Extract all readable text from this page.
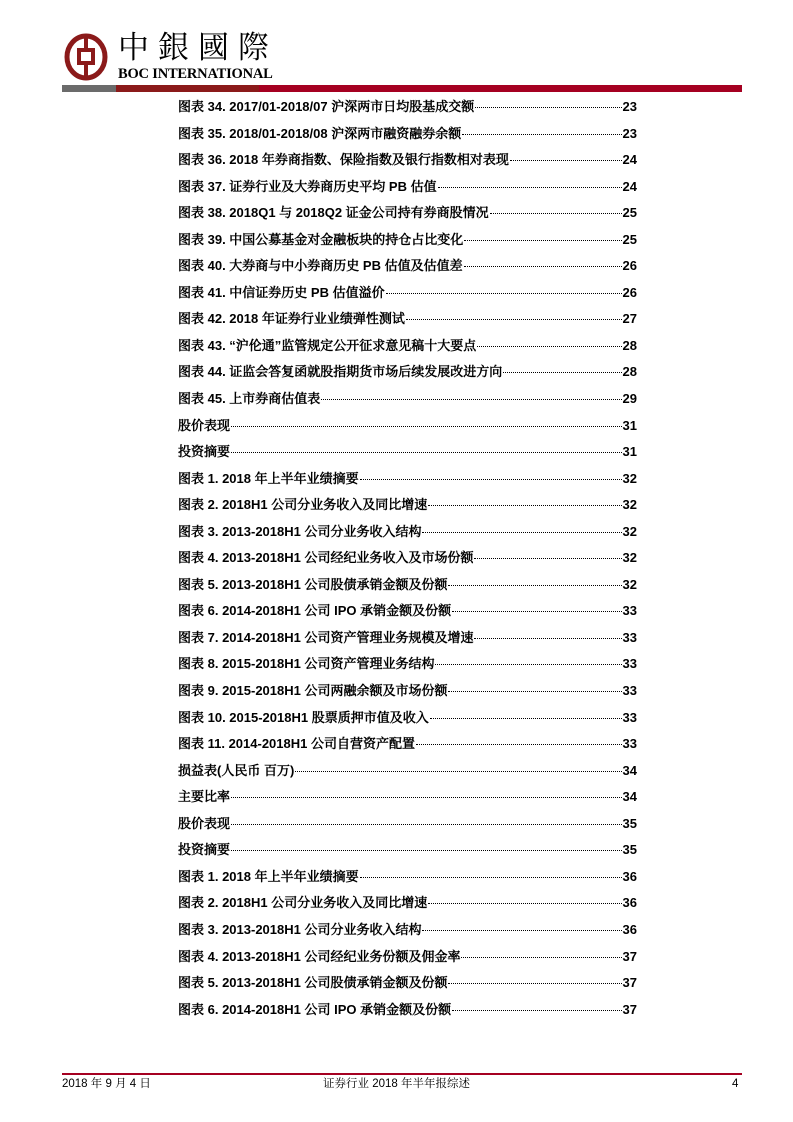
中銀國際
BOC INTERNATIONAL
图表 34. 2017/01-2018/07 沪深两市日均股基成交额	23
图表 35. 2018/01-2018/08 沪深两市融资融券余额	23
图表 36. 2018 年券商指数、保险指数及银行指数相对表现	24
图表 37. 证券行业及大券商历史平均 PB 估值	24
图表 38. 2018Q1 与 2018Q2 证金公司持有券商股情况	25
图表 39. 中国公募基金对金融板块的持仓占比变化	25
图表 40. 大券商与中小券商历史 PB 估值及估值差	26
图表 41. 中信证券历史 PB 估值溢价	26
图表 42. 2018 年证券行业业绩弹性测试	27
图表 43. “沪伦通”监管规定公开征求意见稿十大要点	28
图表 44. 证监会答复函就股指期货市场后续发展改进方向	28
图表 45. 上市券商估值表	29
股价表现	31
投资摘要	31
图表 1. 2018 年上半年业绩摘要	32
图表 2. 2018H1 公司分业务收入及同比增速	32
图表 3. 2013-2018H1 公司分业务收入结构	32
图表 4. 2013-2018H1 公司经纪业务收入及市场份额	32
图表 5. 2013-2018H1 公司股债承销金额及份额	32
图表 6. 2014-2018H1 公司 IPO 承销金额及份额	33
图表 7. 2014-2018H1 公司资产管理业务规模及增速	33
图表 8. 2015-2018H1 公司资产管理业务结构	33
图表 9. 2015-2018H1 公司两融余额及市场份额	33
图表 10. 2015-2018H1 股票质押市值及收入	33
图表 11. 2014-2018H1 公司自营资产配置	33
损益表(人民币 百万)	34
主要比率	34
股价表现	35
投资摘要	35
图表 1. 2018 年上半年业绩摘要	36
图表 2. 2018H1 公司分业务收入及同比增速	36
图表 3. 2013-2018H1 公司分业务收入结构	36
图表 4. 2013-2018H1 公司经纪业务份额及佣金率	37
图表 5. 2013-2018H1 公司股债承销金额及份额	37
图表 6. 2014-2018H1 公司 IPO 承销金额及份额	37
2018 年 9 月 4 日	证券行业 2018 年半年报综述	4
